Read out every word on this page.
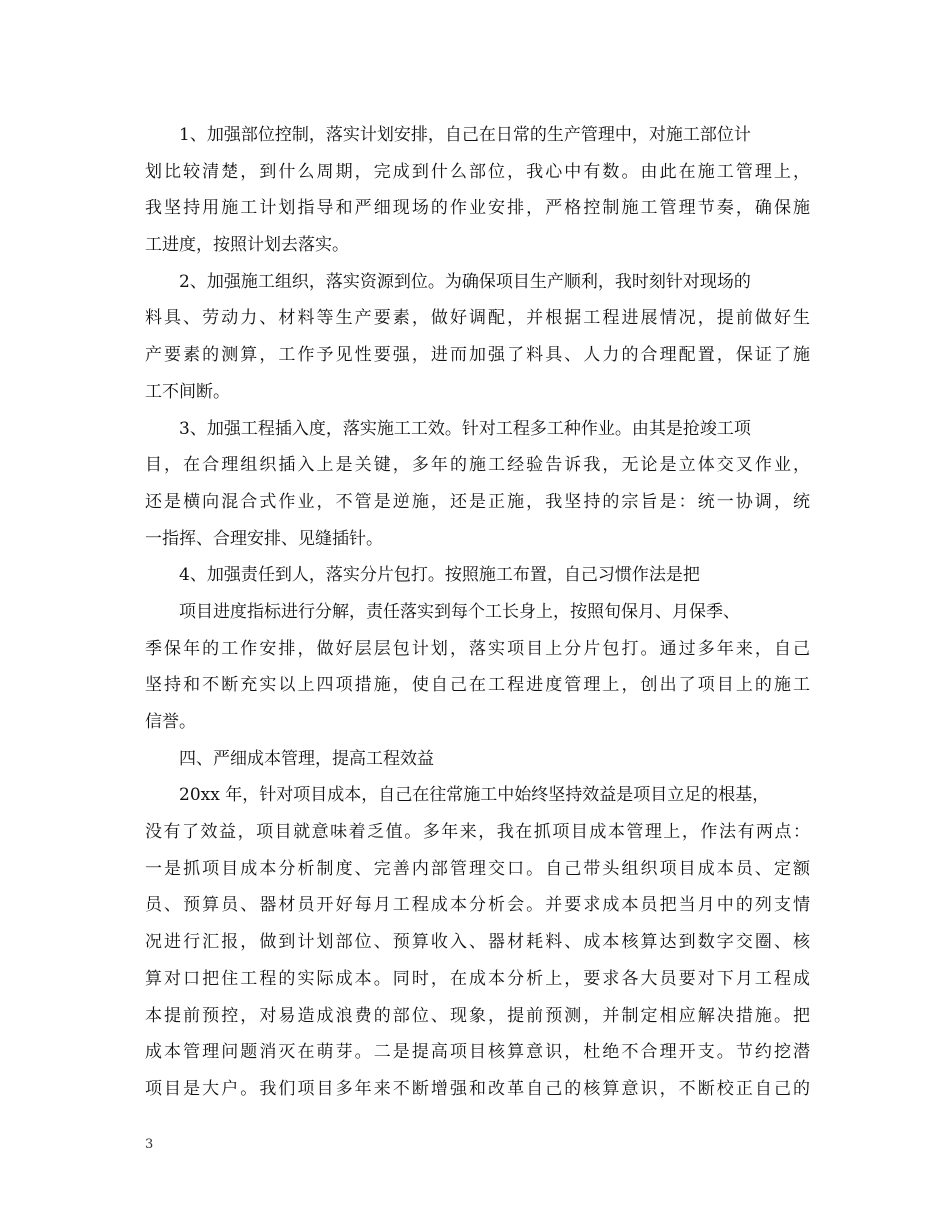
1、加强部位控制，落实计划安排，自己在日常的生产管理中，对施工部位计
划比较清楚，到什么周期，完成到什么部位，我心中有数。由此在施工管理上，
我坚持用施工计划指导和严细现场的作业安排，严格控制施工管理节奏，确保施
工进度，按照计划去落实。
2、加强施工组织，落实资源到位。为确保项目生产顺利，我时刻针对现场的
料具、劳动力、材料等生产要素，做好调配，并根据工程进展情况，提前做好生
产要素的测算，工作予见性要强，进而加强了料具、人力的合理配置，保证了施
工不间断。
3、加强工程插入度，落实施工工效。针对工程多工种作业。由其是抢竣工项
目，在合理组织插入上是关键，多年的施工经验告诉我，无论是立体交叉作业，
还是横向混合式作业，不管是逆施，还是正施，我坚持的宗旨是：统一协调，统
一指挥、合理安排、见缝插针。
4、加强责任到人，落实分片包打。按照施工布置，自己习惯作法是把
项目进度指标进行分解，责任落实到每个工长身上，按照旬保月、月保季、
季保年的工作安排，做好层层包计划，落实项目上分片包打。通过多年来，自己
坚持和不断充实以上四项措施，使自己在工程进度管理上，创出了项目上的施工
信誉。
四、严细成本管理，提高工程效益
20xx 年，针对项目成本，自己在往常施工中始终坚持效益是项目立足的根基，
没有了效益，项目就意味着乏值。多年来，我在抓项目成本管理上，作法有两点：
一是抓项目成本分析制度、完善内部管理交口。自己带头组织项目成本员、定额
员、预算员、器材员开好每月工程成本分析会。并要求成本员把当月中的列支情
况进行汇报，做到计划部位、预算收入、器材耗料、成本核算达到数字交圈、核
算对口把住工程的实际成本。同时，在成本分析上，要求各大员要对下月工程成
本提前预控，对易造成浪费的部位、现象，提前预测，并制定相应解决措施。把
成本管理问题消灭在萌芽。二是提高项目核算意识，杜绝不合理开支。节约挖潜
项目是大户。我们项目多年来不断增强和改革自己的核算意识，不断校正自己的
3
